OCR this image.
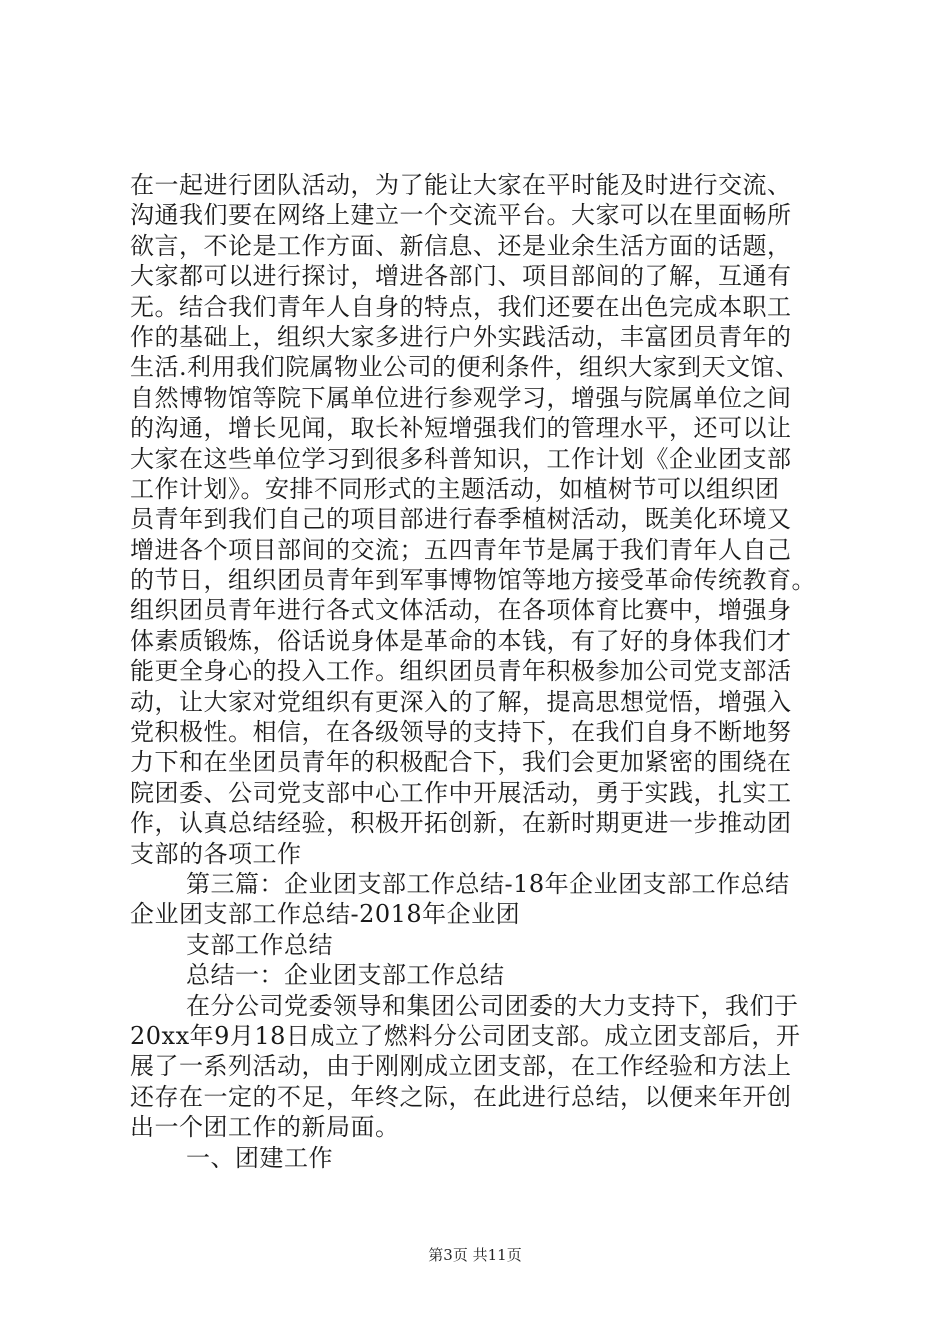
在一起进行团队活动，为了能让大家在平时能及时进行交流、
沟通我们要在网络上建立一个交流平台。大家可以在里面畅所
欲言，不论是工作方面、新信息、还是业余生活方面的话题，
大家都可以进行探讨，增进各部门、项目部间的了解，互通有
无。结合我们青年人自身的特点，我们还要在出色完成本职工
作的基础上，组织大家多进行户外实践活动，丰富团员青年的
生活.利用我们院属物业公司的便利条件，组织大家到天文馆、
自然博物馆等院下属单位进行参观学习，增强与院属单位之间
的沟通，增长见闻，取长补短增强我们的管理水平，还可以让
大家在这些单位学习到很多科普知识，工作计划《企业团支部
工作计划》。安排不同形式的主题活动，如植树节可以组织团
员青年到我们自己的项目部进行春季植树活动，既美化环境又
增进各个项目部间的交流；五四青年节是属于我们青年人自己
的节日，组织团员青年到军事博物馆等地方接受革命传统教育。
组织团员青年进行各式文体活动，在各项体育比赛中，增强身
体素质锻炼，俗话说身体是革命的本钱，有了好的身体我们才
能更全身心的投入工作。组织团员青年积极参加公司党支部活
动，让大家对党组织有更深入的了解，提高思想觉悟，增强入
党积极性。相信，在各级领导的支持下，在我们自身不断地努
力下和在坐团员青年的积极配合下，我们会更加紧密的围绕在
院团委、公司党支部中心工作中开展活动，勇于实践，扎实工
作，认真总结经验，积极开拓创新，在新时期更进一步推动团
支部的各项工作
第三篇：企业团支部工作总结-18年企业团支部工作总结
企业团支部工作总结-2018年企业团
支部工作总结
总结一：企业团支部工作总结
在分公司党委领导和集团公司团委的大力支持下，我们于
20xx年9月18日成立了燃料分公司团支部。成立团支部后，开
展了一系列活动，由于刚刚成立团支部，在工作经验和方法上
还存在一定的不足，年终之际，在此进行总结，以便来年开创
出一个团工作的新局面。
一、团建工作
第3页 共11页
